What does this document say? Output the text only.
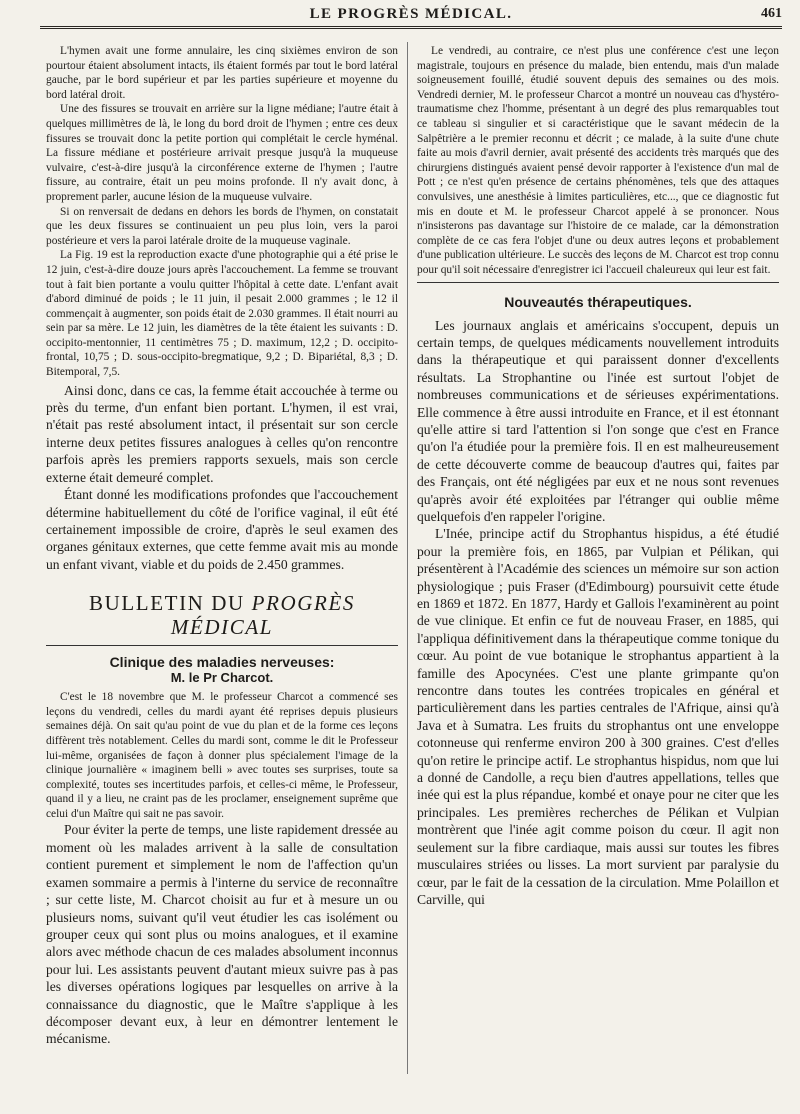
LE PROGRÈS MÉDICAL.	461

L'hymen avait une forme annulaire, les cinq sixièmes environ de son pourtour étaient absolument intacts, ils étaient formés par tout le bord latéral gauche, par le bord supérieur et par les parties supérieure et moyenne du bord latéral droit.

Une des fissures se trouvait en arrière sur la ligne médiane; l'autre était à quelques millimètres de là, le long du bord droit de l'hymen ; entre ces deux fissures se trouvait donc la petite portion qui complétait le cercle hyménal. La fissure médiane et postérieure arrivait presque jusqu'à la muqueuse vulvaire, c'est-à-dire jusqu'à la circonférence externe de l'hymen ; l'autre fissure, au contraire, était un peu moins profonde. Il n'y avait donc, à proprement parler, aucune lésion de la muqueuse vulvaire.

Si on renversait de dedans en dehors les bords de l'hymen, on constatait que les deux fissures se continuaient un peu plus loin, vers la paroi postérieure et vers la paroi latérale droite de la muqueuse vaginale.

La Fig. 19 est la reproduction exacte d'une photographie qui a été prise le 12 juin, c'est-à-dire douze jours après l'accouchement. La femme se trouvant tout à fait bien portante a voulu quitter l'hôpital à cette date. L'enfant avait d'abord diminué de poids ; le 11 juin, il pesait 2.000 grammes ; le 12 il commençait à augmenter, son poids était de 2.030 grammes. Il était nourri au sein par sa mère. Le 12 juin, les diamètres de la tête étaient les suivants : D. occipito-mentonnier, 11 centimètres 75 ; D. maximum, 12,2 ; D. occipito-frontal, 10,75 ; D. sous-occipito-bregmatique, 9,2 ; D. Bipariétal, 8,3 ; D. Bitemporal, 7,5.

Ainsi donc, dans ce cas, la femme était accouchée à terme ou près du terme, d'un enfant bien portant. L'hymen, il est vrai, n'était pas resté absolument intact, il présentait sur son cercle interne deux petites fissures analogues à celles qu'on rencontre parfois après les premiers rapports sexuels, mais son cercle externe était demeuré complet.

Étant donné les modifications profondes que l'accouchement détermine habituellement du côté de l'orifice vaginal, il eût été certainement impossible de croire, d'après le seul examen des organes génitaux externes, que cette femme avait mis au monde un enfant vivant, viable et du poids de 2.450 grammes.

BULLETIN DU PROGRÈS MÉDICAL
Clinique des maladies nerveuses:
M. le Pr Charcot.

C'est le 18 novembre que M. le professeur Charcot a commencé ses leçons du vendredi, celles du mardi ayant été reprises depuis plusieurs semaines déjà. On sait qu'au point de vue du plan et de la forme ces leçons diffèrent très notablement. Celles du mardi sont, comme le dit le Professeur lui-même, organisées de façon à donner plus spécialement l'image de la clinique journalière « imaginem belli » avec toutes ses surprises, toute sa complexité, toutes ses incertitudes parfois, et celles-ci même, le Professeur, quand il y a lieu, ne craint pas de les proclamer, enseignement suprême que celui d'un Maître qui sait ne pas savoir.

Pour éviter la perte de temps, une liste rapidement dressée au moment où les malades arrivent à la salle de consultation contient purement et simplement le nom de l'affection qu'un examen sommaire a permis à l'interne du service de reconnaître ; sur cette liste, M. Charcot choisit au fur et à mesure un ou plusieurs noms, suivant qu'il veut étudier les cas isolément ou grouper ceux qui sont plus ou moins analogues, et il examine alors avec méthode chacun de ces malades absolument inconnus pour lui. Les assistants peuvent d'autant mieux suivre pas à pas les diverses opérations logiques par lesquelles on arrive à la connaissance du diagnostic, que le Maître s'applique à les décomposer devant eux, à leur en démontrer lentement le mécanisme.

Le vendredi, au contraire, ce n'est plus une conférence c'est une leçon magistrale, toujours en présence du malade, bien entendu, mais d'un malade soigneusement fouillé, étudié souvent depuis des semaines ou des mois. Vendredi dernier, M. le professeur Charcot a montré un nouveau cas d'hystéro-traumatisme chez l'homme, présentant à un degré des plus remarquables tout ce tableau si singulier et si caractéristique que le savant médecin de la Salpêtrière a le premier reconnu et décrit ; ce malade, à la suite d'une chute faite au mois d'avril dernier, avait présenté des accidents très marqués que des chirurgiens distingués avaient pensé devoir rapporter à l'existence d'un mal de Pott ; ce n'est qu'en présence de certains phénomènes, tels que des attaques convulsives, une anesthésie à limites particulières, etc..., que ce diagnostic fut mis en doute et M. le professeur Charcot appelé à se prononcer. Nous n'insisterons pas davantage sur l'histoire de ce malade, car la démonstration complète de ce cas fera l'objet d'une ou deux autres leçons et probablement d'une publication ultérieure. Le succès des leçons de M. Charcot est trop connu pour qu'il soit nécessaire d'enregistrer ici l'accueil chaleureux qui leur est fait.

Nouveautés thérapeutiques.

Les journaux anglais et américains s'occupent, depuis un certain temps, de quelques médicaments nouvellement introduits dans la thérapeutique et qui paraissent donner d'excellents résultats. La Strophantine ou l'inée est surtout l'objet de nombreuses communications et de sérieuses expérimentations. Elle commence à être aussi introduite en France, et il est étonnant qu'elle attire si tard l'attention si l'on songe que c'est en France qu'on l'a étudiée pour la première fois. Il en est malheureusement de cette découverte comme de beaucoup d'autres qui, faites par des Français, ont été négligées par eux et ne nous sont revenues qu'après avoir été exploitées par l'étranger qui oublie même quelquefois d'en rappeler l'origine.

L'Inée, principe actif du Strophantus hispidus, a été étudié pour la première fois, en 1865, par Vulpian et Pélikan, qui présentèrent à l'Académie des sciences un mémoire sur son action physiologique ; puis Fraser (d'Edimbourg) poursuivit cette étude en 1869 et 1872. En 1877, Hardy et Gallois l'examinèrent au point de vue clinique. Et enfin ce fut de nouveau Fraser, en 1885, qui l'appliqua définitivement dans la thérapeutique comme tonique du cœur. Au point de vue botanique le strophantus appartient à la famille des Apocynées. C'est une plante grimpante qu'on rencontre dans toutes les contrées tropicales en général et particulièrement dans les parties centrales de l'Afrique, ainsi qu'à Java et à Sumatra. Les fruits du strophantus ont une enveloppe cotonneuse qui renferme environ 200 à 300 graines. C'est d'elles qu'on retire le principe actif. Le strophantus hispidus, nom que lui a donné de Candolle, a reçu bien d'autres appellations, telles que inée qui est la plus répandue, kombé et onaye pour ne citer que les principales. Les premières recherches de Pélikan et Vulpian montrèrent que l'inée agit comme poison du cœur. Il agit non seulement sur la fibre cardiaque, mais aussi sur toutes les fibres musculaires striées ou lisses. La mort survient par paralysie du cœur, par le fait de la cessation de la circulation. Mme Polaillon et Carville, qui
